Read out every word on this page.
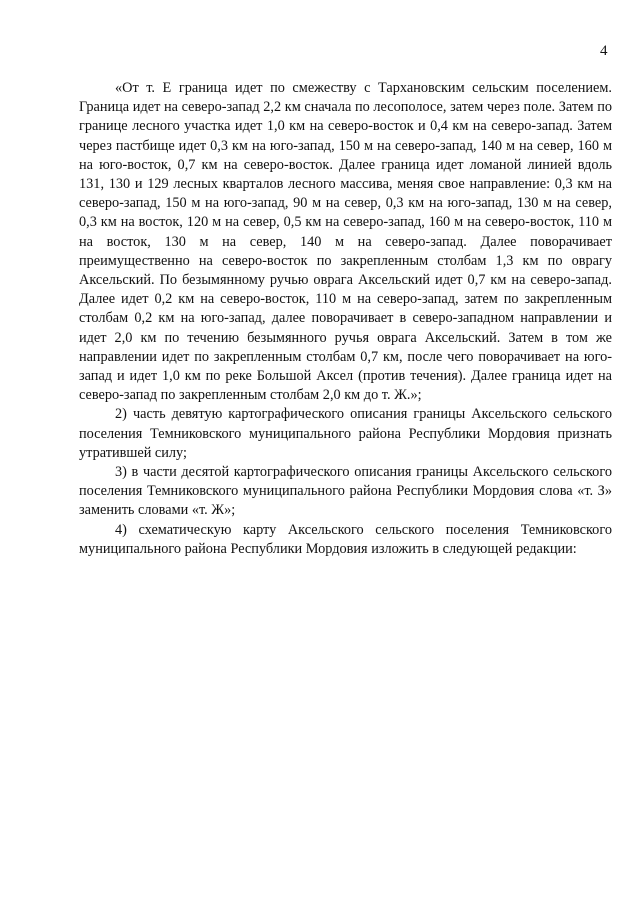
4

«От т. Е граница идет по смежеству с Тархановским сельским поселением. Граница идет на северо-запад 2,2 км сначала по лесополосе, затем через поле. Затем по границе лесного участка идет 1,0 км на северо-восток и 0,4 км на северо-запад. Затем через пастбище идет 0,3 км на юго-запад, 150 м на северо-запад, 140 м на север, 160 м на юго-восток, 0,7 км на северо-восток. Далее граница идет ломаной линией вдоль 131, 130 и 129 лесных кварталов лесного массива, меняя свое направление: 0,3 км на северо-запад, 150 м на юго-запад, 90 м на север, 0,3 км на юго-запад, 130 м на север, 0,3 км на восток, 120 м на север, 0,5 км на северо-запад, 160 м на северо-восток, 110 м на восток, 130 м на север, 140 м на северо-запад. Далее поворачивает преимущественно на северо-восток по закрепленным столбам 1,3 км по оврагу Аксельский. По безымянному ручью оврага Аксельский идет 0,7 км на северо-запад. Далее идет 0,2 км на северо-восток, 110 м на северо-запад, затем по закрепленным столбам 0,2 км на юго-запад, далее поворачивает в северо-западном направлении и идет 2,0 км по течению безымянного ручья оврага Аксельский. Затем в том же направлении идет по закрепленным столбам 0,7 км, после чего поворачивает на юго-запад и идет 1,0 км по реке Большой Аксел (против течения). Далее граница идет на северо-запад по закрепленным столбам 2,0 км до т. Ж.»;

2) часть девятую картографического описания границы Аксельского сельского поселения Темниковского муниципального района Республики Мордовия признать утратившей силу;

3) в части десятой картографического описания границы Аксельского сельского поселения Темниковского муниципального района Республики Мордовия слова «т. З» заменить словами «т. Ж»;

4) схематическую карту Аксельского сельского поселения Темниковского муниципального района Республики Мордовия изложить в следующей редакции:
